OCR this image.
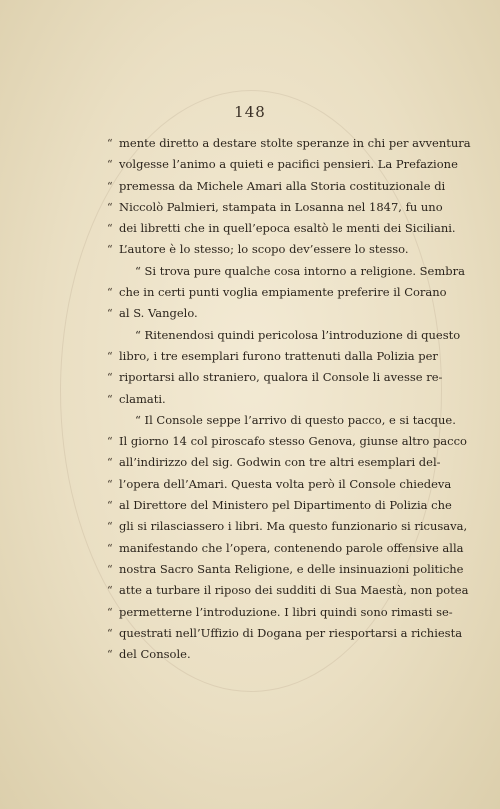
148
“ mente diretto a destare stolte speranze in chi per avventura
“ volgesse l’animo a quieti e pacifici pensieri. La Prefazione
“ premessa da Michele Amari alla Storia costituzionale di
“ Niccolò Palmieri, stampata in Losanna nel 1847, fu uno
“ dei libretti che in quell’epoca esaltò le menti dei Siciliani.
“ L’autore è lo stesso; lo scopo dev’essere lo stesso.
“ Si trova pure qualche cosa intorno a religione. Sembra
“ che in certi punti voglia empiamente preferire il Corano
“ al S. Vangelo.
“ Ritenendosi quindi pericolosa l’introduzione di questo
“ libro, i tre esemplari furono trattenuti dalla Polizia per
“ riportarsi allo straniero, qualora il Console li avesse re-
“ clamati.
“ Il Console seppe l’arrivo di questo pacco, e si tacque.
“ Il giorno 14 col piroscafo stesso Genova, giunse altro pacco
“ all’indirizzo del sig. Godwin con tre altri esemplari del-
“ l’opera dell’Amari. Questa volta però il Console chiedeva
“ al Direttore del Ministero pel Dipartimento di Polizia che
“ gli si rilasciassero i libri. Ma questo funzionario si ricusava,
“ manifestando che l’opera, contenendo parole offensive alla
“ nostra Sacro Santa Religione, e delle insinuazioni politiche
“ atte a turbare il riposo dei sudditi di Sua Maestà, non potea
“ permetterne l’introduzione. I libri quindi sono rimasti se-
“ questrati nell’Uffizio di Dogana per riesportarsi a richiesta
“ del Console.
